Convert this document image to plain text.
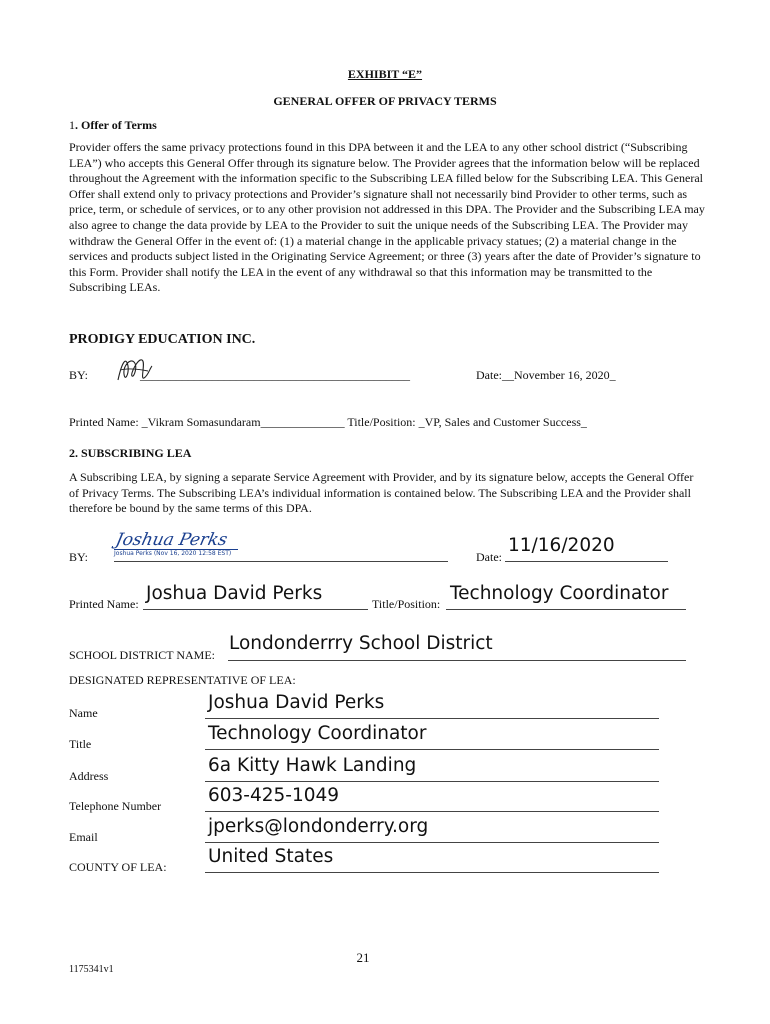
EXHIBIT “E”
GENERAL OFFER OF PRIVACY TERMS
1. Offer of Terms
Provider offers the same privacy protections found in this DPA between it and the LEA to any other school district (“Subscribing LEA”) who accepts this General Offer through its signature below. The Provider agrees that the information below will be replaced throughout the Agreement with the information specific to the Subscribing LEA filled below for the Subscribing LEA. This General Offer shall extend only to privacy protections and Provider’s signature shall not necessarily bind Provider to other terms, such as price, term, or schedule of services, or to any other provision not addressed in this DPA. The Provider and the Subscribing LEA may also agree to change the data provide by LEA to the Provider to suit the unique needs of the Subscribing LEA. The Provider may withdraw the General Offer in the event of: (1) a material change in the applicable privacy statues; (2) a material change in the services and products subject listed in the Originating Service Agreement; or three (3) years after the date of Provider’s signature to this Form. Provider shall notify the LEA in the event of any withdrawal so that this information may be transmitted to the Subscribing LEAs.
PRODIGY EDUCATION INC.
BY:	_____________________________________________	Date:__November 16, 2020_
Printed Name: _Vikram Somasundaram______________ Title/Position: _VP, Sales and Customer Success_
2. SUBSCRIBING LEA
A Subscribing LEA, by signing a separate Service Agreement with Provider, and by its signature below, accepts the General Offer of Privacy Terms. The Subscribing LEA’s individual information is contained below. The Subscribing LEA and the Provider shall therefore be bound by the same terms of this DPA.
BY:
Joshua Perks
Joshua Perks (Nov 16, 2020 12:58 EST)	Date:
11/16/2020
Printed Name: Joshua David Perks	Title/Position: Technology Coordinator
SCHOOL DISTRICT NAME:
Londonderrry School District
DESIGNATED REPRESENTATIVE OF LEA:
Name	Joshua David Perks
Title	Technology Coordinator
Address	6a Kitty Hawk Landing
Telephone Number	603-425-1049
Email	jperks@londonderry.org
COUNTY OF LEA: United States
21
1175341v1
